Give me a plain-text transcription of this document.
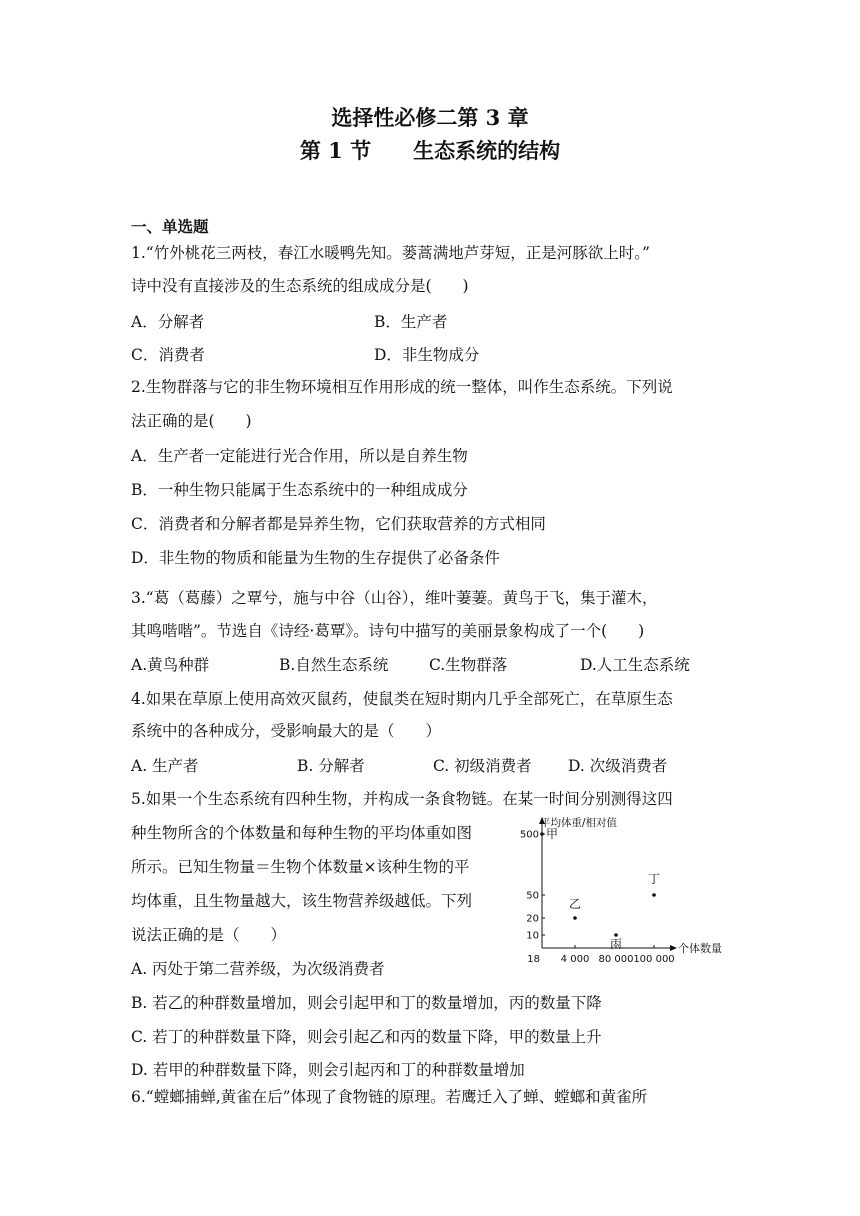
选择性必修二第 3 章
第 1 节　　生态系统的结构
一、单选题
1.“竹外桃花三两枝，春江水暖鸭先知。蒌蒿满地芦芽短，正是河豚欲上时。”
诗中没有直接涉及的生态系统的组成成分是(　　)
A．分解者	B．生产者
C．消费者	D．非生物成分
2.生物群落与它的非生物环境相互作用形成的统一整体，叫作生态系统。下列说
法正确的是(　　)
A．生产者一定能进行光合作用，所以是自养生物
B．一种生物只能属于生态系统中的一种组成成分
C．消费者和分解者都是异养生物，它们获取营养的方式相同
D．非生物的物质和能量为生物的生存提供了必备条件
3.“葛（葛藤）之覃兮，施与中谷（山谷），维叶萋萋。黄鸟于飞，集于灌木，
其鸣喈喈”。节选自《诗经·葛覃》。诗句中描写的美丽景象构成了一个(　　)
A.黄鸟种群	B.自然生态系统	C.生物群落	D.人工生态系统
4.如果在草原上使用高效灭鼠药，使鼠类在短时期内几乎全部死亡，在草原生态
系统中的各种成分，受影响最大的是（　　）
A. 生产者	B. 分解者	C. 初级消费者 D. 次级消费者
5.如果一个生态系统有四种生物，并构成一条食物链。在某一时间分别测得这四
种生物所含的个体数量和每种生物的平均体重如图
所示。已知生物量＝生物个体数量×该种生物的平
均体重，且生物量越大，该生物营养级越低。下列
说法正确的是（　　）
A. 丙处于第二营养级，为次级消费者
B. 若乙的种群数量增加，则会引起甲和丁的数量增加，丙的数量下降
C. 若丁的种群数量下降，则会引起乙和丙的数量下降，甲的数量上升
D. 若甲的种群数量下降，则会引起丙和丁的种群数量增加
6.“螳螂捕蝉,黄雀在后”体现了食物链的原理。若鹰迁入了蝉、螳螂和黄雀所
平均体重/相对值
个体数量
10
20
50
500
18 4 000 80 000 100 000
甲
乙
丙
丁
